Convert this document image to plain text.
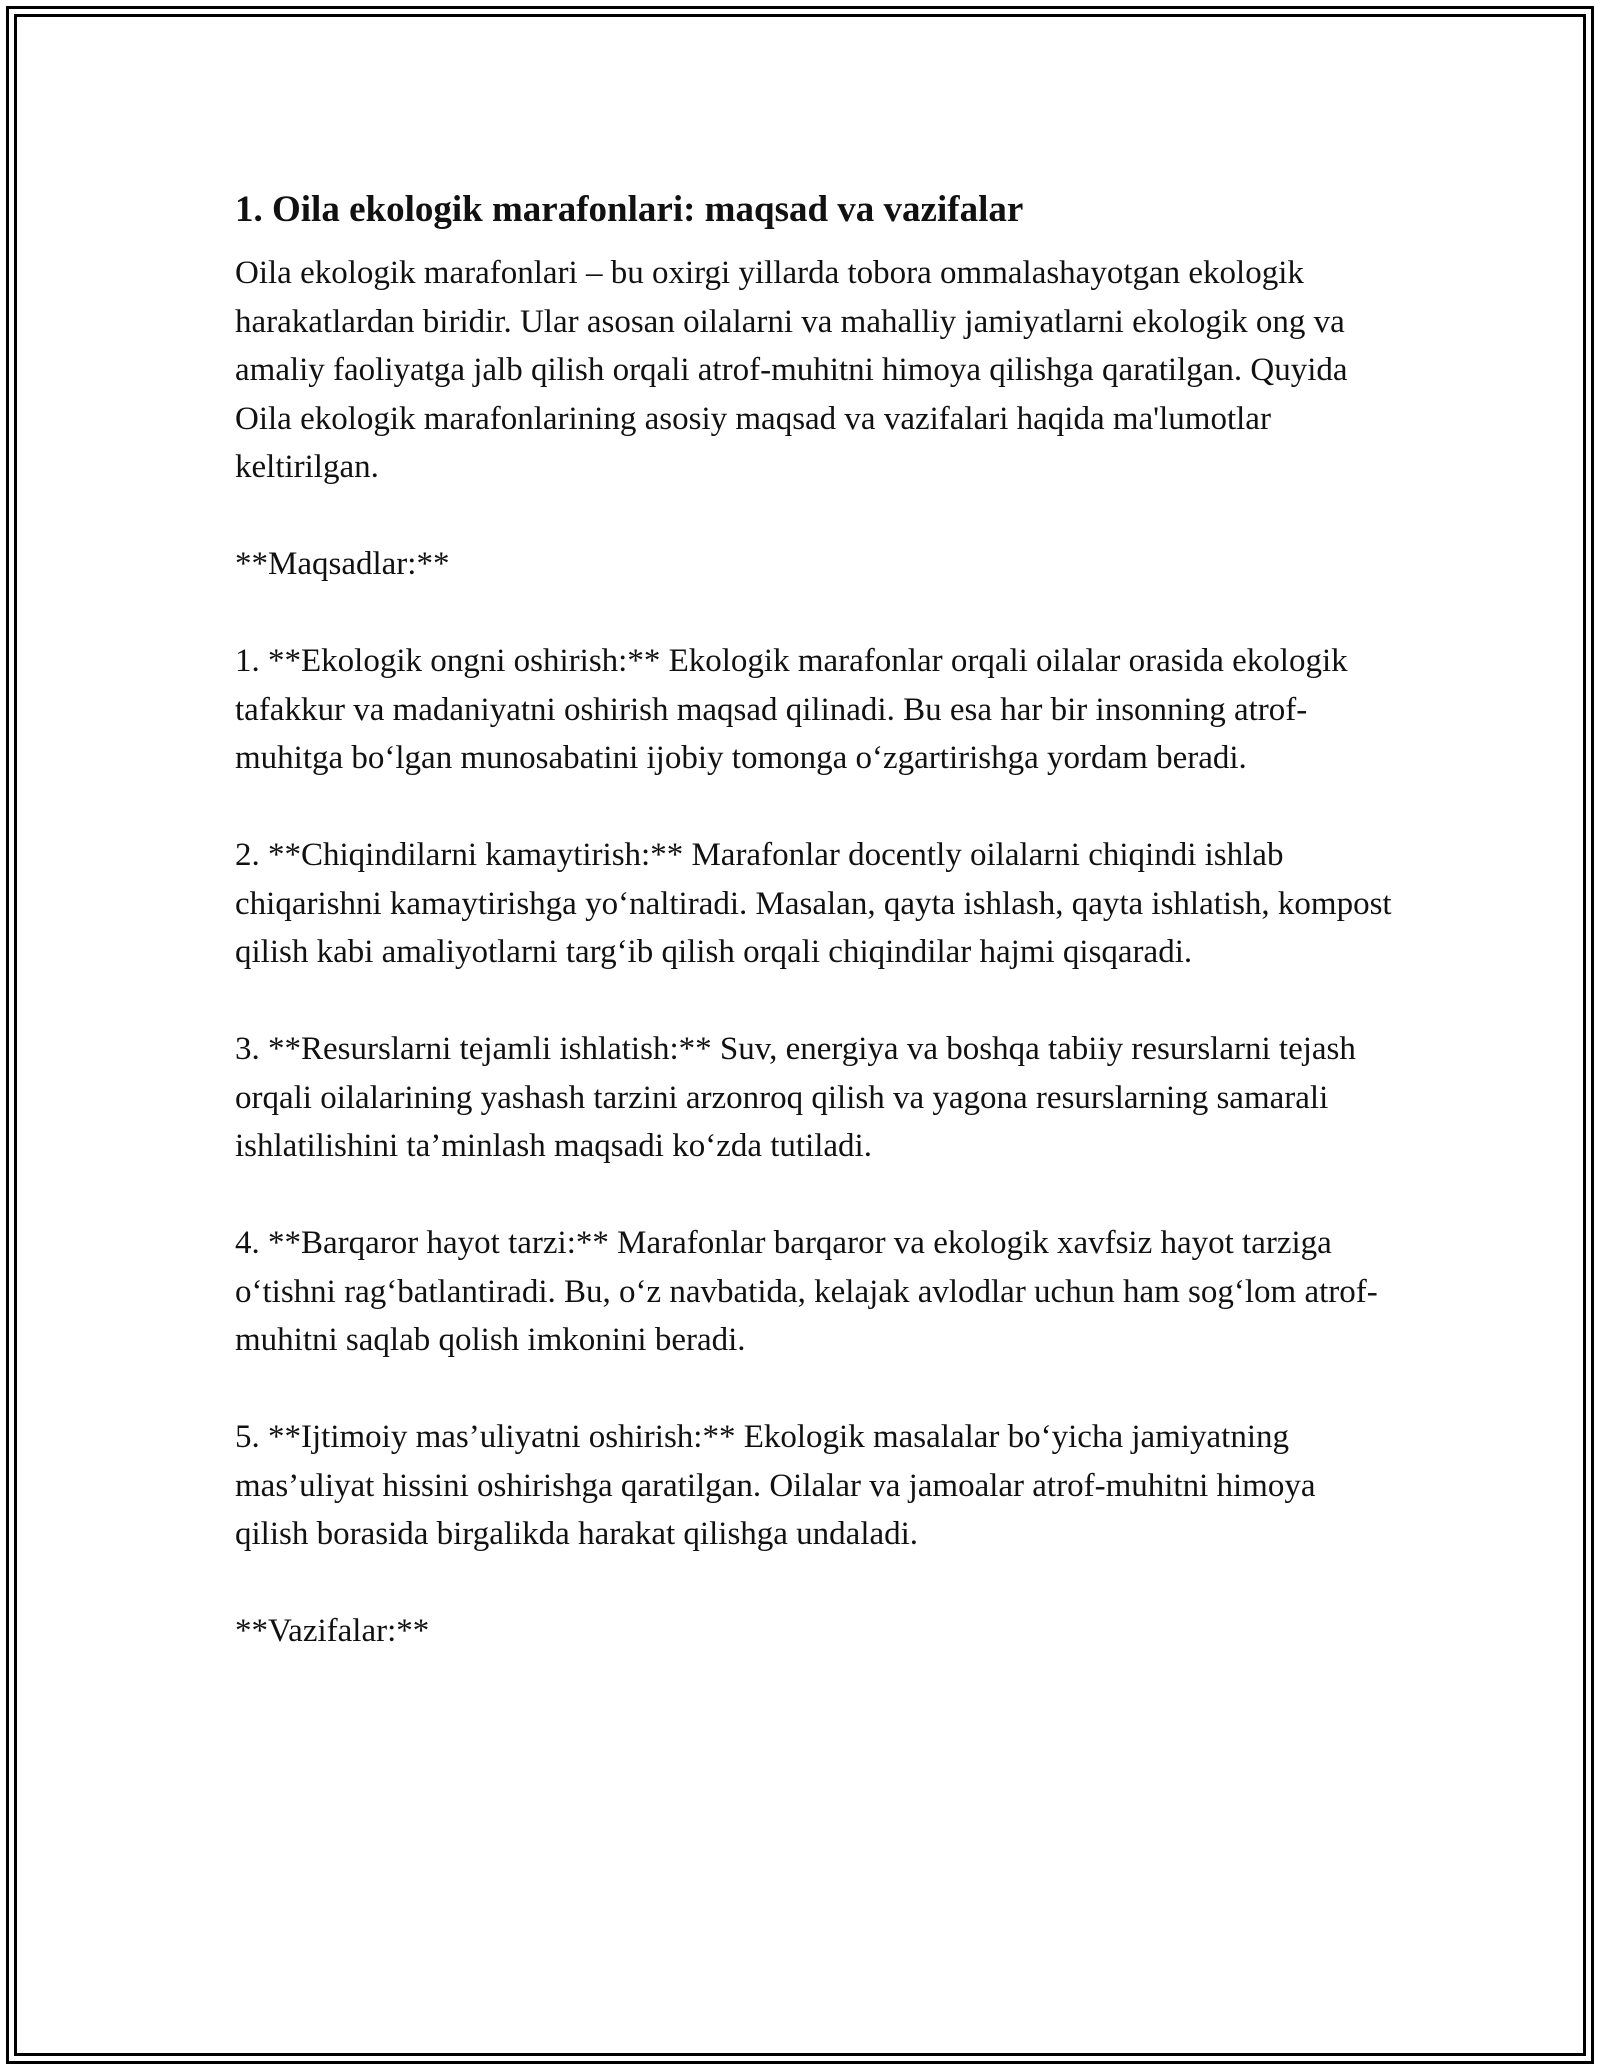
1. Oila ekologik marafonlari: maqsad va vazifalar
Oila ekologik marafonlari – bu oxirgi yillarda tobora ommalashayotgan ekologik harakatlardan biridir. Ular asosan oilalarni va mahalliy jamiyatlarni ekologik ong va amaliy faoliyatga jalb qilish orqali atrof-muhitni himoya qilishga qaratilgan. Quyida Oila ekologik marafonlarining asosiy maqsad va vazifalari haqida ma'lumotlar keltirilgan.
**Maqsadlar:**
1. **Ekologik ongni oshirish:** Ekologik marafonlar orqali oilalar orasida ekologik tafakkur va madaniyatni oshirish maqsad qilinadi. Bu esa har bir insonning atrof-muhitga bo‘lgan munosabatini ijobiy tomonga o‘zgartirishga yordam beradi.
2. **Chiqindilarni kamaytirish:** Marafonlar docently oilalarni chiqindi ishlab chiqarishni kamaytirishga yo‘naltiradi. Masalan, qayta ishlash, qayta ishlatish, kompost qilish kabi amaliyotlarni targ‘ib qilish orqali chiqindilar hajmi qisqaradi.
3. **Resurslarni tejamli ishlatish:** Suv, energiya va boshqa tabiiy resurslarni tejash orqali oilalarining yashash tarzini arzonroq qilish va yagona resurslarning samarali ishlatilishini ta’minlash maqsadi ko‘zda tutiladi.
4. **Barqaror hayot tarzi:** Marafonlar barqaror va ekologik xavfsiz hayot tarziga o‘tishni rag‘batlantiradi. Bu, o‘z navbatida, kelajak avlodlar uchun ham sog‘lom atrof-muhitni saqlab qolish imkonini beradi.
5. **Ijtimoiy mas’uliyatni oshirish:** Ekologik masalalar bo‘yicha jamiyatning mas’uliyat hissini oshirishga qaratilgan. Oilalar va jamoalar atrof-muhitni himoya qilish borasida birgalikda harakat qilishga undaladi.
**Vazifalar:**
